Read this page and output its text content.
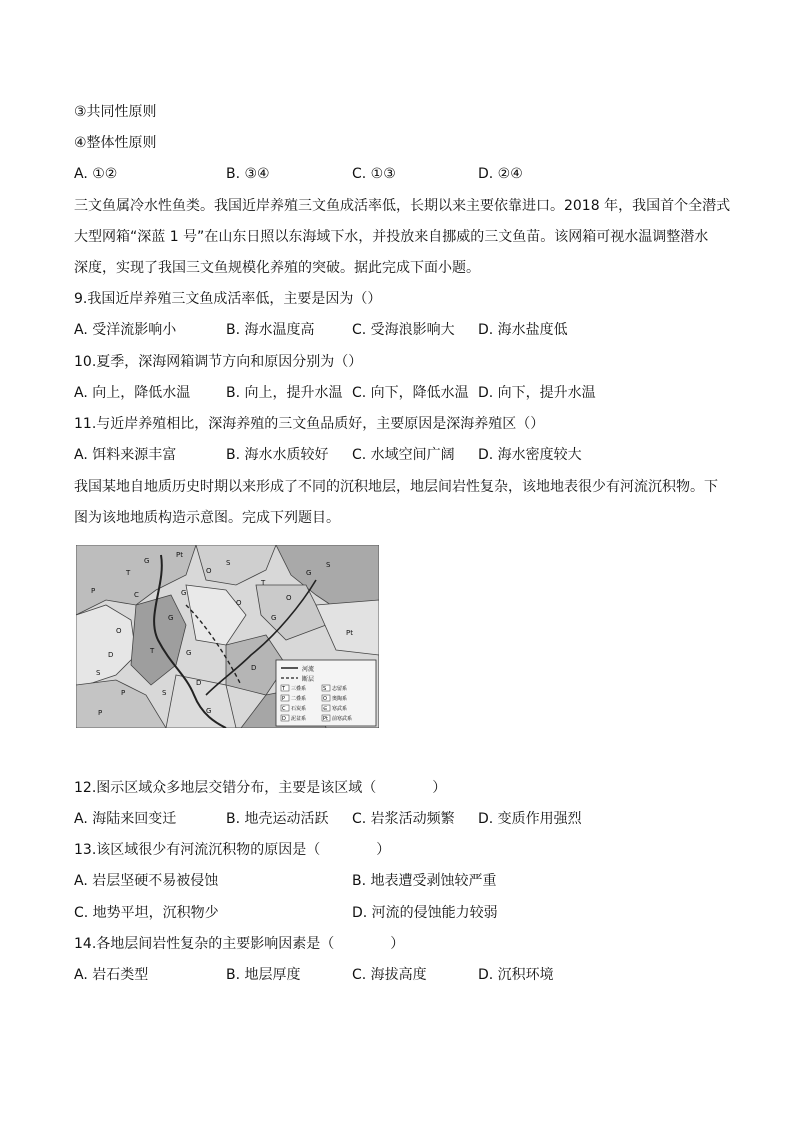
③共同性原则
④整体性原则
A. ①②	B. ③④	C. ①③	D. ②④
三文鱼属冷水性鱼类。我国近岸养殖三文鱼成活率低，长期以来主要依靠进口。2018 年，我国首个全潜式
大型网箱“深蓝 1 号”在山东日照以东海域下水，并投放来自挪威的三文鱼苗。该网箱可视水温调整潜水
深度，实现了我国三文鱼规模化养殖的突破。据此完成下面小题。
9.我国近岸养殖三文鱼成活率低，主要是因为（）
A. 受洋流影响小	B. 海水温度高	C. 受海浪影响大 D. 海水盐度低
10.夏季，深海网箱调节方向和原因分别为（）
A. 向上，降低水温	B. 向上，提升水温 C. 向下，降低水温 D. 向下，提升水温
11.与近岸养殖相比，深海养殖的三文鱼品质好，主要原因是深海养殖区（）
A. 饵料来源丰富	B. 海水水质较好 C. 水域空间广阔 D. 海水密度较大
我国某地自地质历史时期以来形成了不同的沉积地层，地层间岩性复杂，该地地表很少有河流沉积物。下
图为该地地质构造示意图。完成下列题目。
河流
断层
T 三叠系	S 志留系
P 二叠系	O 奥陶系
C 石炭系	∈ 寒武系
D 泥盆系	Pt 前寒武系
Pt
G
T	O
S
P	C
O
G
D
S
T	G
S
P	G
O
D
G
G
Pt
O
S
D
P
T
G
12.图示区域众多地层交错分布，主要是该区域（　　　　）
A. 海陆来回变迁	B. 地壳运动活跃 C. 岩浆活动频繁 D. 变质作用强烈
13.该区域很少有河流沉积物的原因是（　　　　）
A. 岩层坚硬不易被侵蚀	B. 地表遭受剥蚀较严重
C. 地势平坦，沉积物少	D. 河流的侵蚀能力较弱
14.各地层间岩性复杂的主要影响因素是（　　　　）
A. 岩石类型	B. 地层厚度	C. 海拔高度	D. 沉积环境
